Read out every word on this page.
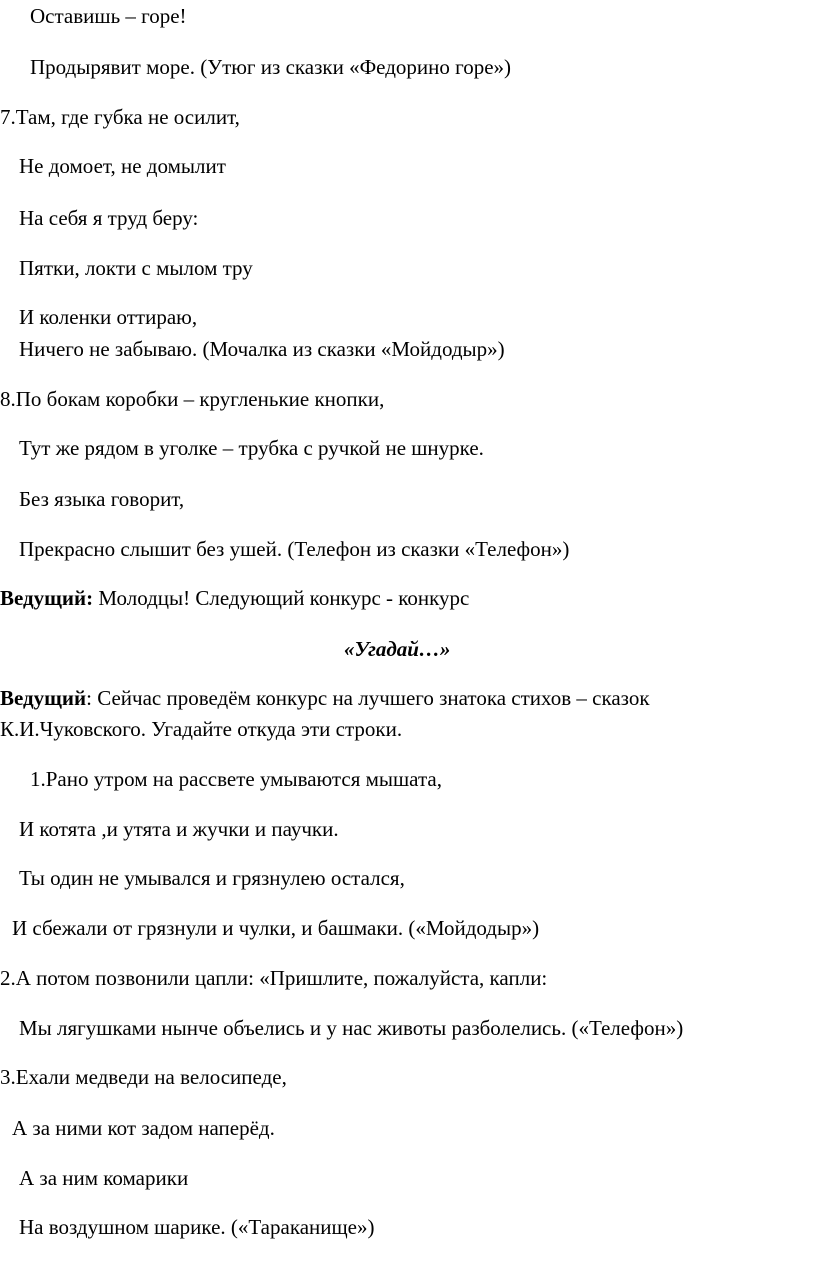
Оставишь – горе!
Продырявит море. (Утюг из сказки «Федорино горе»)
7.Там, где губка не осилит,
Не домоет, не домылит
На себя я труд беру:
Пятки, локти с мылом тру
И коленки оттираю,
Ничего не забываю. (Мочалка из сказки «Мойдодыр»)
8.По бокам коробки – кругленькие кнопки,
Тут же рядом в уголке – трубка с ручкой не шнурке.
Без языка говорит,
Прекрасно слышит без ушей. (Телефон из сказки «Телефон»)
Ведущий: Молодцы! Следующий конкурс - конкурс
«Угадай…»
Ведущий: Сейчас проведём конкурс на лучшего знатока стихов – сказок
К.И.Чуковского. Угадайте откуда эти строки.
1.Рано утром на рассвете умываются мышата,
И котята ,и утята и жучки и паучки.
Ты один не умывался и грязнулею остался,
И сбежали от грязнули и чулки, и башмаки. («Мойдодыр»)
2.А потом позвонили цапли: «Пришлите, пожалуйста, капли:
Мы лягушками нынче объелись и у нас животы разболелись. («Телефон»)
3.Ехали медведи на велосипеде,
А за ними кот задом наперёд.
А за ним комарики
На воздушном шарике. («Тараканище»)
